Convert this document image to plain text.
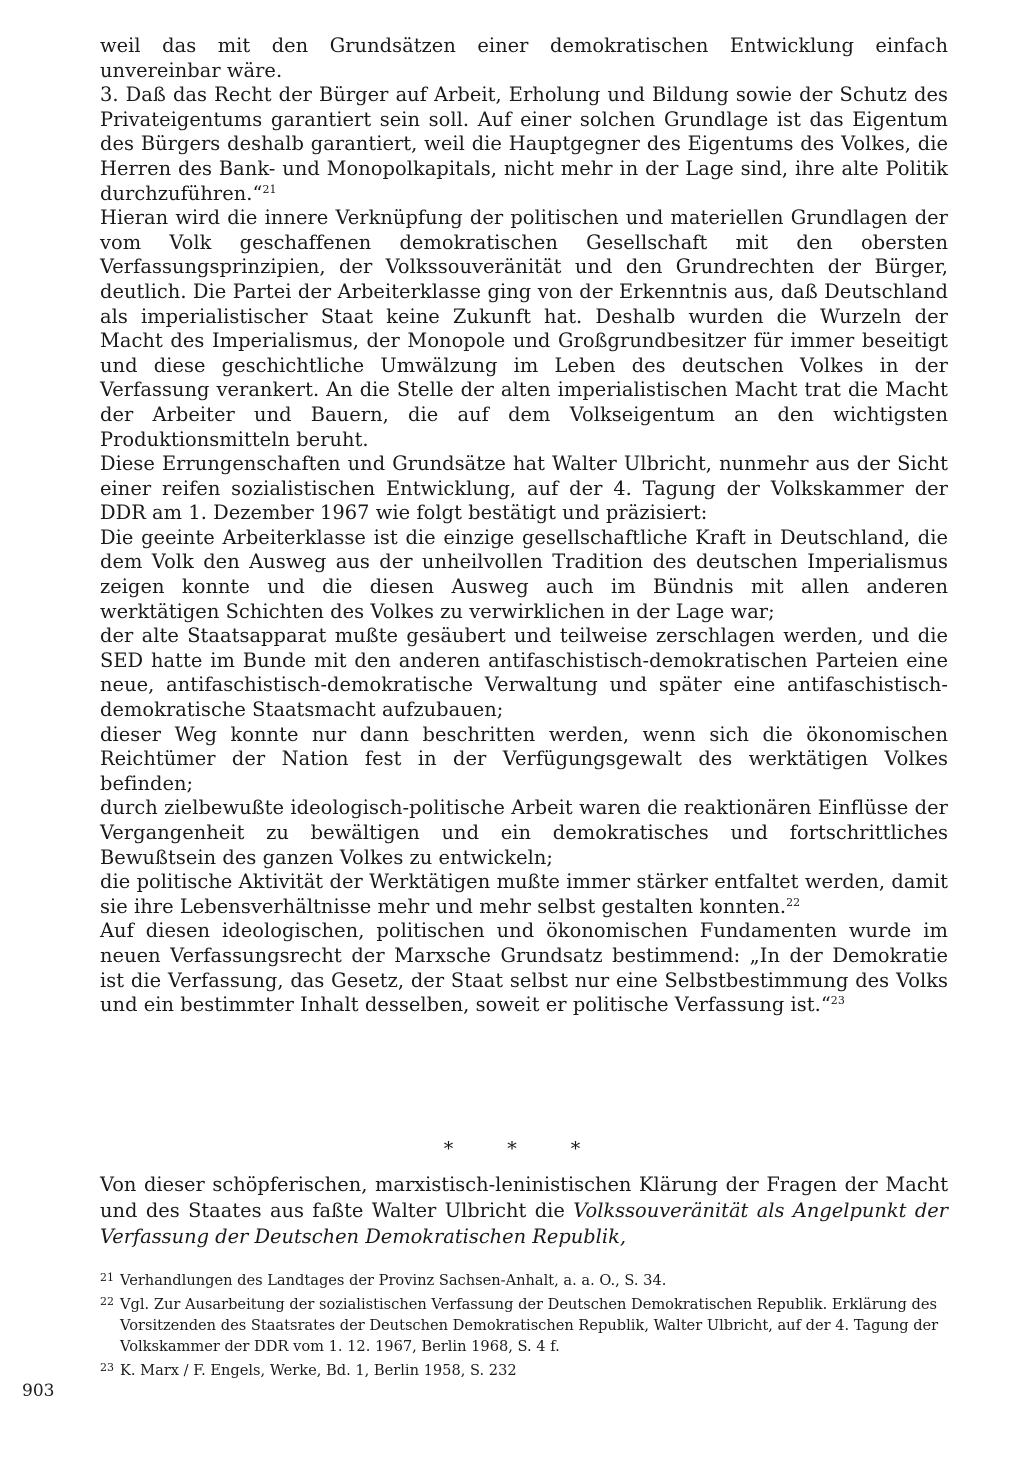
weil das mit den Grundsätzen einer demokratischen Entwicklung einfach unvereinbar wäre.

3. Daß das Recht der Bürger auf Arbeit, Erholung und Bildung sowie der Schutz des Privateigentums garantiert sein soll. Auf einer solchen Grundlage ist das Eigentum des Bürgers deshalb garantiert, weil die Hauptgegner des Eigentums des Volkes, die Herren des Bank- und Monopolkapitals, nicht mehr in der Lage sind, ihre alte Politik durchzuführen.“$^{21}$

Hieran wird die innere Verknüpfung der politischen und materiellen Grundlagen der vom Volk geschaffenen demokratischen Gesellschaft mit den obersten Verfassungsprinzipien, der Volkssouveränität und den Grundrechten der Bürger, deutlich. Die Partei der Arbeiterklasse ging von der Erkenntnis aus, daß Deutschland als imperialistischer Staat keine Zukunft hat. Deshalb wurden die Wurzeln der Macht des Imperialismus, der Monopole und Großgrundbesitzer für immer beseitigt und diese geschichtliche Umwälzung im Leben des deutschen Volkes in der Verfassung verankert. An die Stelle der alten imperialistischen Macht trat die Macht der Arbeiter und Bauern, die auf dem Volkseigentum an den wichtigsten Produktionsmitteln beruht.

Diese Errungenschaften und Grundsätze hat Walter Ulbricht, nunmehr aus der Sicht einer reifen sozialistischen Entwicklung, auf der 4. Tagung der Volkskammer der DDR am 1. Dezember 1967 wie folgt bestätigt und präzisiert:

Die geeinte Arbeiterklasse ist die einzige gesellschaftliche Kraft in Deutschland, die dem Volk den Ausweg aus der unheilvollen Tradition des deutschen Imperialismus zeigen konnte und die diesen Ausweg auch im Bündnis mit allen anderen werktätigen Schichten des Volkes zu verwirklichen in der Lage war;

der alte Staatsapparat mußte gesäubert und teilweise zerschlagen werden, und die SED hatte im Bunde mit den anderen antifaschistisch-demokratischen Parteien eine neue, antifaschistisch-demokratische Verwaltung und später eine antifaschistisch-demokratische Staatsmacht aufzubauen;

dieser Weg konnte nur dann beschritten werden, wenn sich die ökonomischen Reichtümer der Nation fest in der Verfügungsgewalt des werktätigen Volkes befinden;

durch zielbewußte ideologisch-politische Arbeit waren die reaktionären Einflüsse der Vergangenheit zu bewältigen und ein demokratisches und fortschrittliches Bewußtsein des ganzen Volkes zu entwickeln;

die politische Aktivität der Werktätigen mußte immer stärker entfaltet werden, damit sie ihre Lebensverhältnisse mehr und mehr selbst gestalten konnten.$^{22}$

Auf diesen ideologischen, politischen und ökonomischen Fundamenten wurde im neuen Verfassungsrecht der Marxsche Grundsatz bestimmend: „In der Demokratie ist die Verfassung, das Gesetz, der Staat selbst nur eine Selbstbestimmung des Volks und ein bestimmter Inhalt desselben, soweit er politische Verfassung ist.“$^{23}$

* * *
Von dieser schöpferischen, marxistisch-leninistischen Klärung der Fragen der Macht und des Staates aus faßte Walter Ulbricht die Volkssouveränität als Angelpunkt der Verfassung der Deutschen Demokratischen Republik,
21 Verhandlungen des Landtages der Provinz Sachsen-Anhalt, a. a. O., S. 34.
22 Vgl. Zur Ausarbeitung der sozialistischen Verfassung der Deutschen Demokratischen Republik. Erklärung des Vorsitzenden des Staatsrates der Deutschen Demokratischen Republik, Walter Ulbricht, auf der 4. Tagung der Volkskammer der DDR vom 1. 12. 1967, Berlin 1968, S. 4 f.
23 K. Marx / F. Engels, Werke, Bd. 1, Berlin 1958, S. 232
903
